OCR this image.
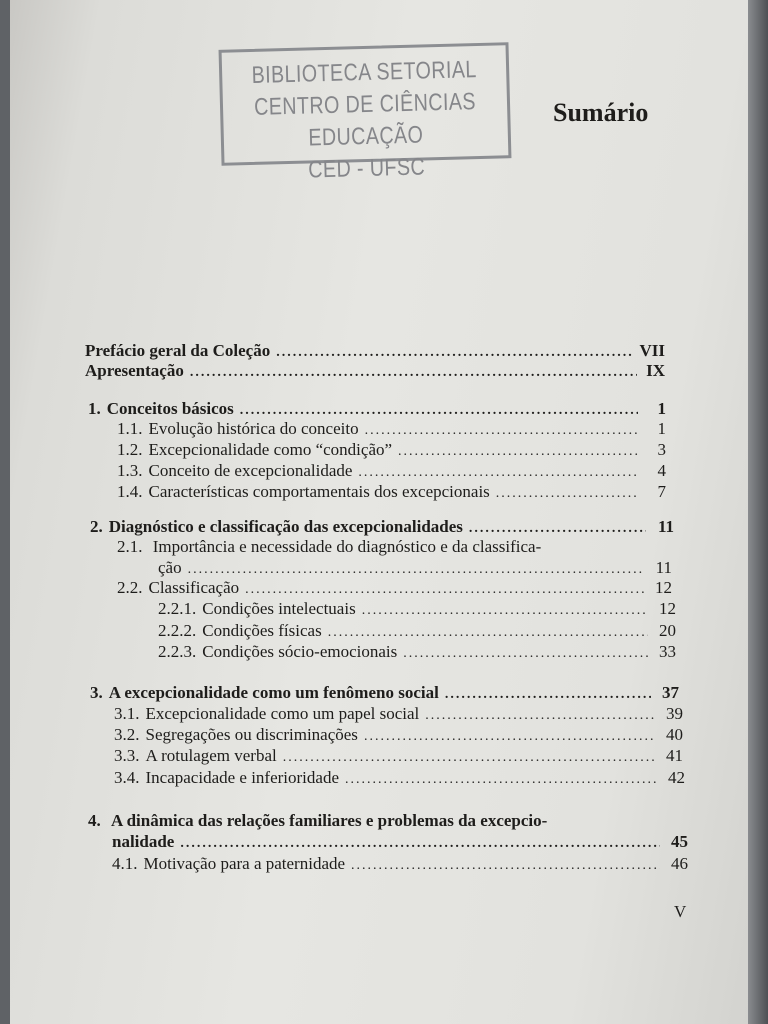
BIBLIOTECA SETORIAL
CENTRO DE CIÊNCIAS EDUCAÇÃO
CED - UFSC
Sumário
Prefácio geral da Coleção .....	VII
Apresentação .....	IX
1. Conceitos básicos .....	1
1.1. Evolução histórica do conceito .....	1
1.2. Excepcionalidade como “condição” .....	3
1.3. Conceito de excepcionalidade .....	4
1.4. Características comportamentais dos excepcionais .....	7
2. Diagnóstico e classificação das excepcionalidades .....	11
2.1. Importância e necessidade do diagnóstico e da classifica-
ção .....	11
2.2. Classificação .....	12
2.2.1. Condições intelectuais .....	12
2.2.2. Condições físicas .....	20
2.2.3. Condições sócio-emocionais .....	33
3. A excepcionalidade como um fenômeno social .....	37
3.1. Excepcionalidade como um papel social .....	39
3.2. Segregações ou discriminações .....	40
3.3. A rotulagem verbal .....	41
3.4. Incapacidade e inferioridade .....	42
4. A dinâmica das relações familiares e problemas da excepcio-
nalidade .....	45
4.1. Motivação para a paternidade .....	46
V
